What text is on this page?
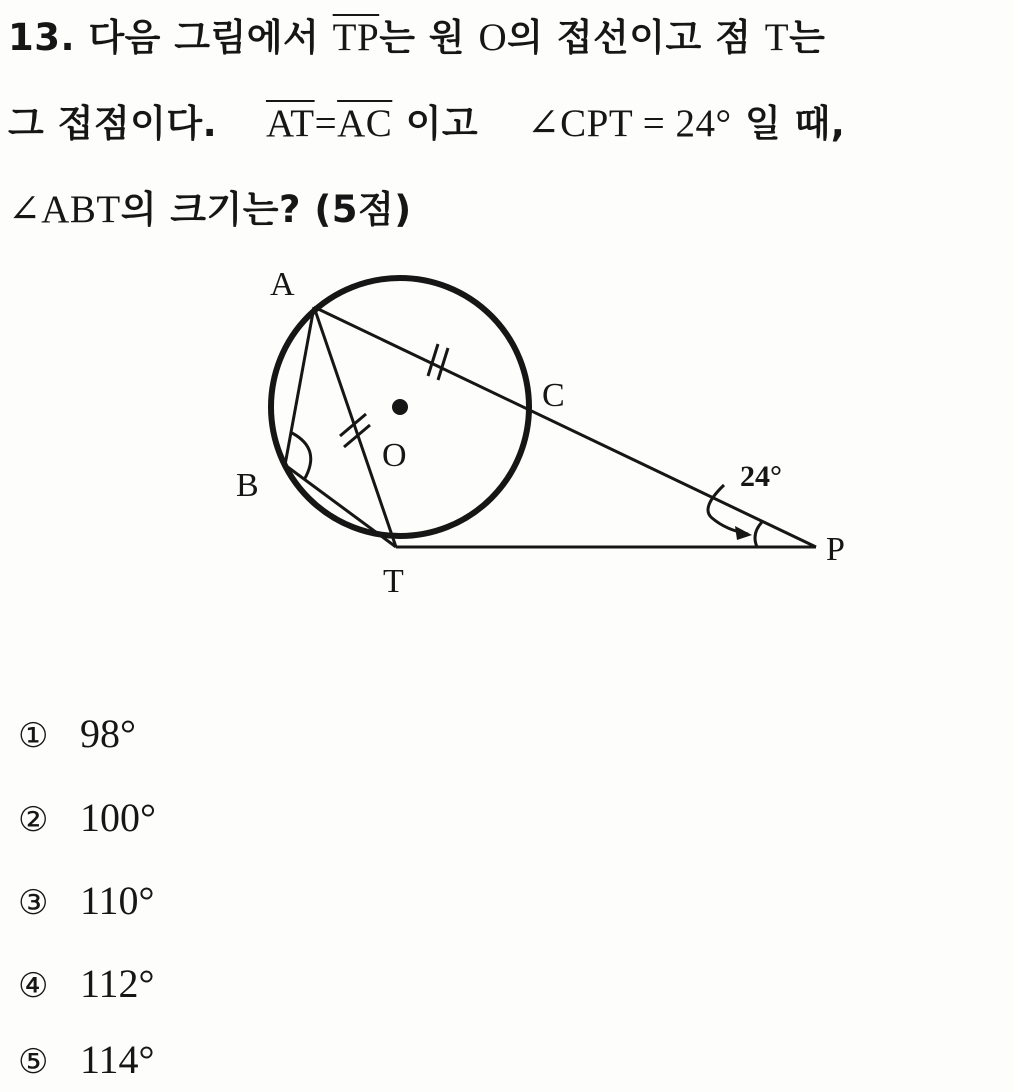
13. 다음 그림에서 $\overline{TP}$는 원 O의 접선이고 점 T는
그 접점이다. $\overline{AT}=\overline{AC}$ 이고 ∠CPT = 24° 일 때,
∠ABT의 크기는? (5점)
A
B
C
O
T
P
24°
① 98°
② 100°
③ 110°
④ 112°
⑤ 114°
